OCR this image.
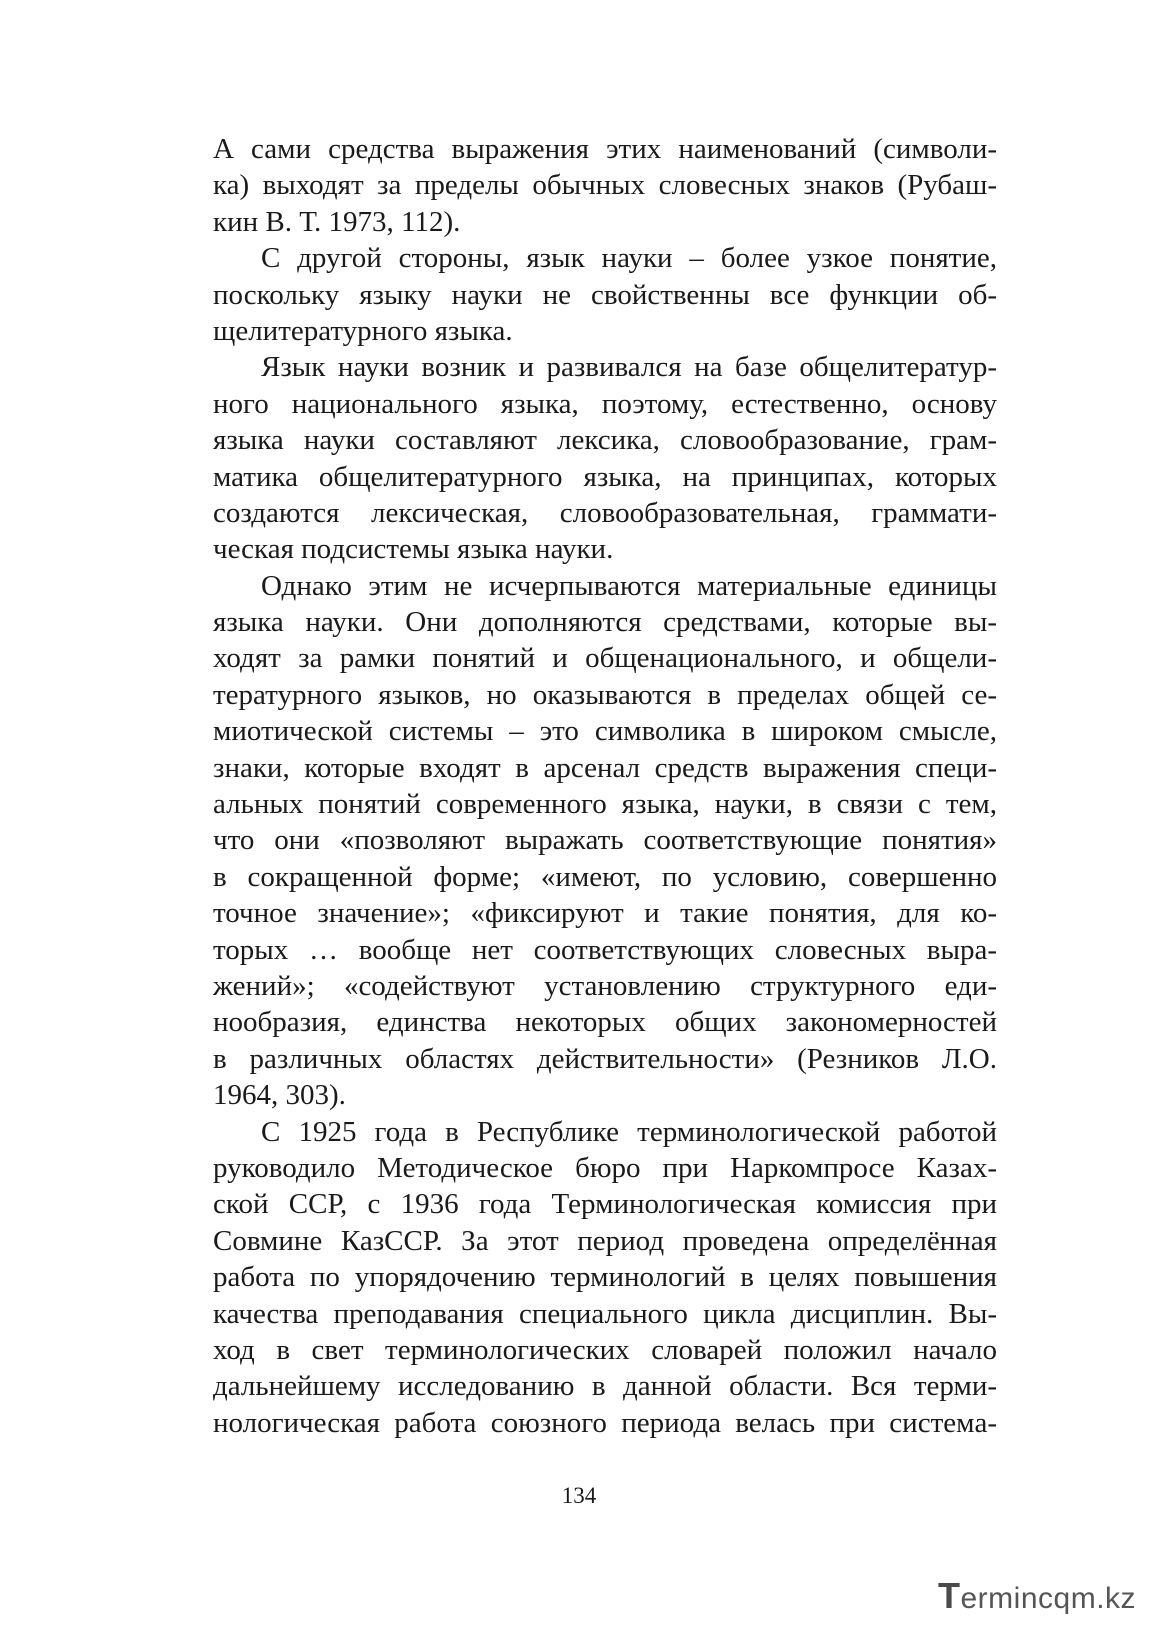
А сами средства выражения этих наименований (символи-
ка) выходят за пределы обычных словесных знаков (Рубаш-
кин В. Т. 1973, 112).
С другой стороны, язык науки – более узкое понятие,
поскольку языку науки не свойственны все функции об-
щелитературного языка.
Язык науки возник и развивался на базе общелитератур-
ного национального языка, поэтому, естественно, основу
языка науки составляют лексика, словообразование, грам-
матика общелитературного языка, на принципах, которых
создаются лексическая, словообразовательная, граммати-
ческая подсистемы языка науки.
Однако этим не исчерпываются материальные единицы
языка науки. Они дополняются средствами, которые вы-
ходят за рамки понятий и общенационального, и общели-
тературного языков, но оказываются в пределах общей се-
миотической системы – это символика в широком смысле,
знаки, которые входят в арсенал средств выражения специ-
альных понятий современного языка, науки, в связи с тем,
что они «позволяют выражать соответствующие понятия»
в сокращенной форме; «имеют, по условию, совершенно
точное значение»; «фиксируют и такие понятия, для ко-
торых … вообще нет соответствующих словесных выра-
жений»; «содействуют установлению структурного еди-
нообразия, единства некоторых общих закономерностей
в различных областях действительности» (Резников Л.О.
1964, 303).
С 1925 года в Республике терминологической работой
руководило Методическое бюро при Наркомпросе Казах-
ской ССР, с 1936 года Терминологическая комиссия при
Совмине КазССР. За этот период проведена определённая
работа по упорядочению терминологий в целях повышения
качества преподавания специального цикла дисциплин. Вы-
ход в свет терминологических словарей положил начало
дальнейшему исследованию в данной области. Вся терми-
нологическая работа союзного периода велась при системa-
134
Termincqm.kz
